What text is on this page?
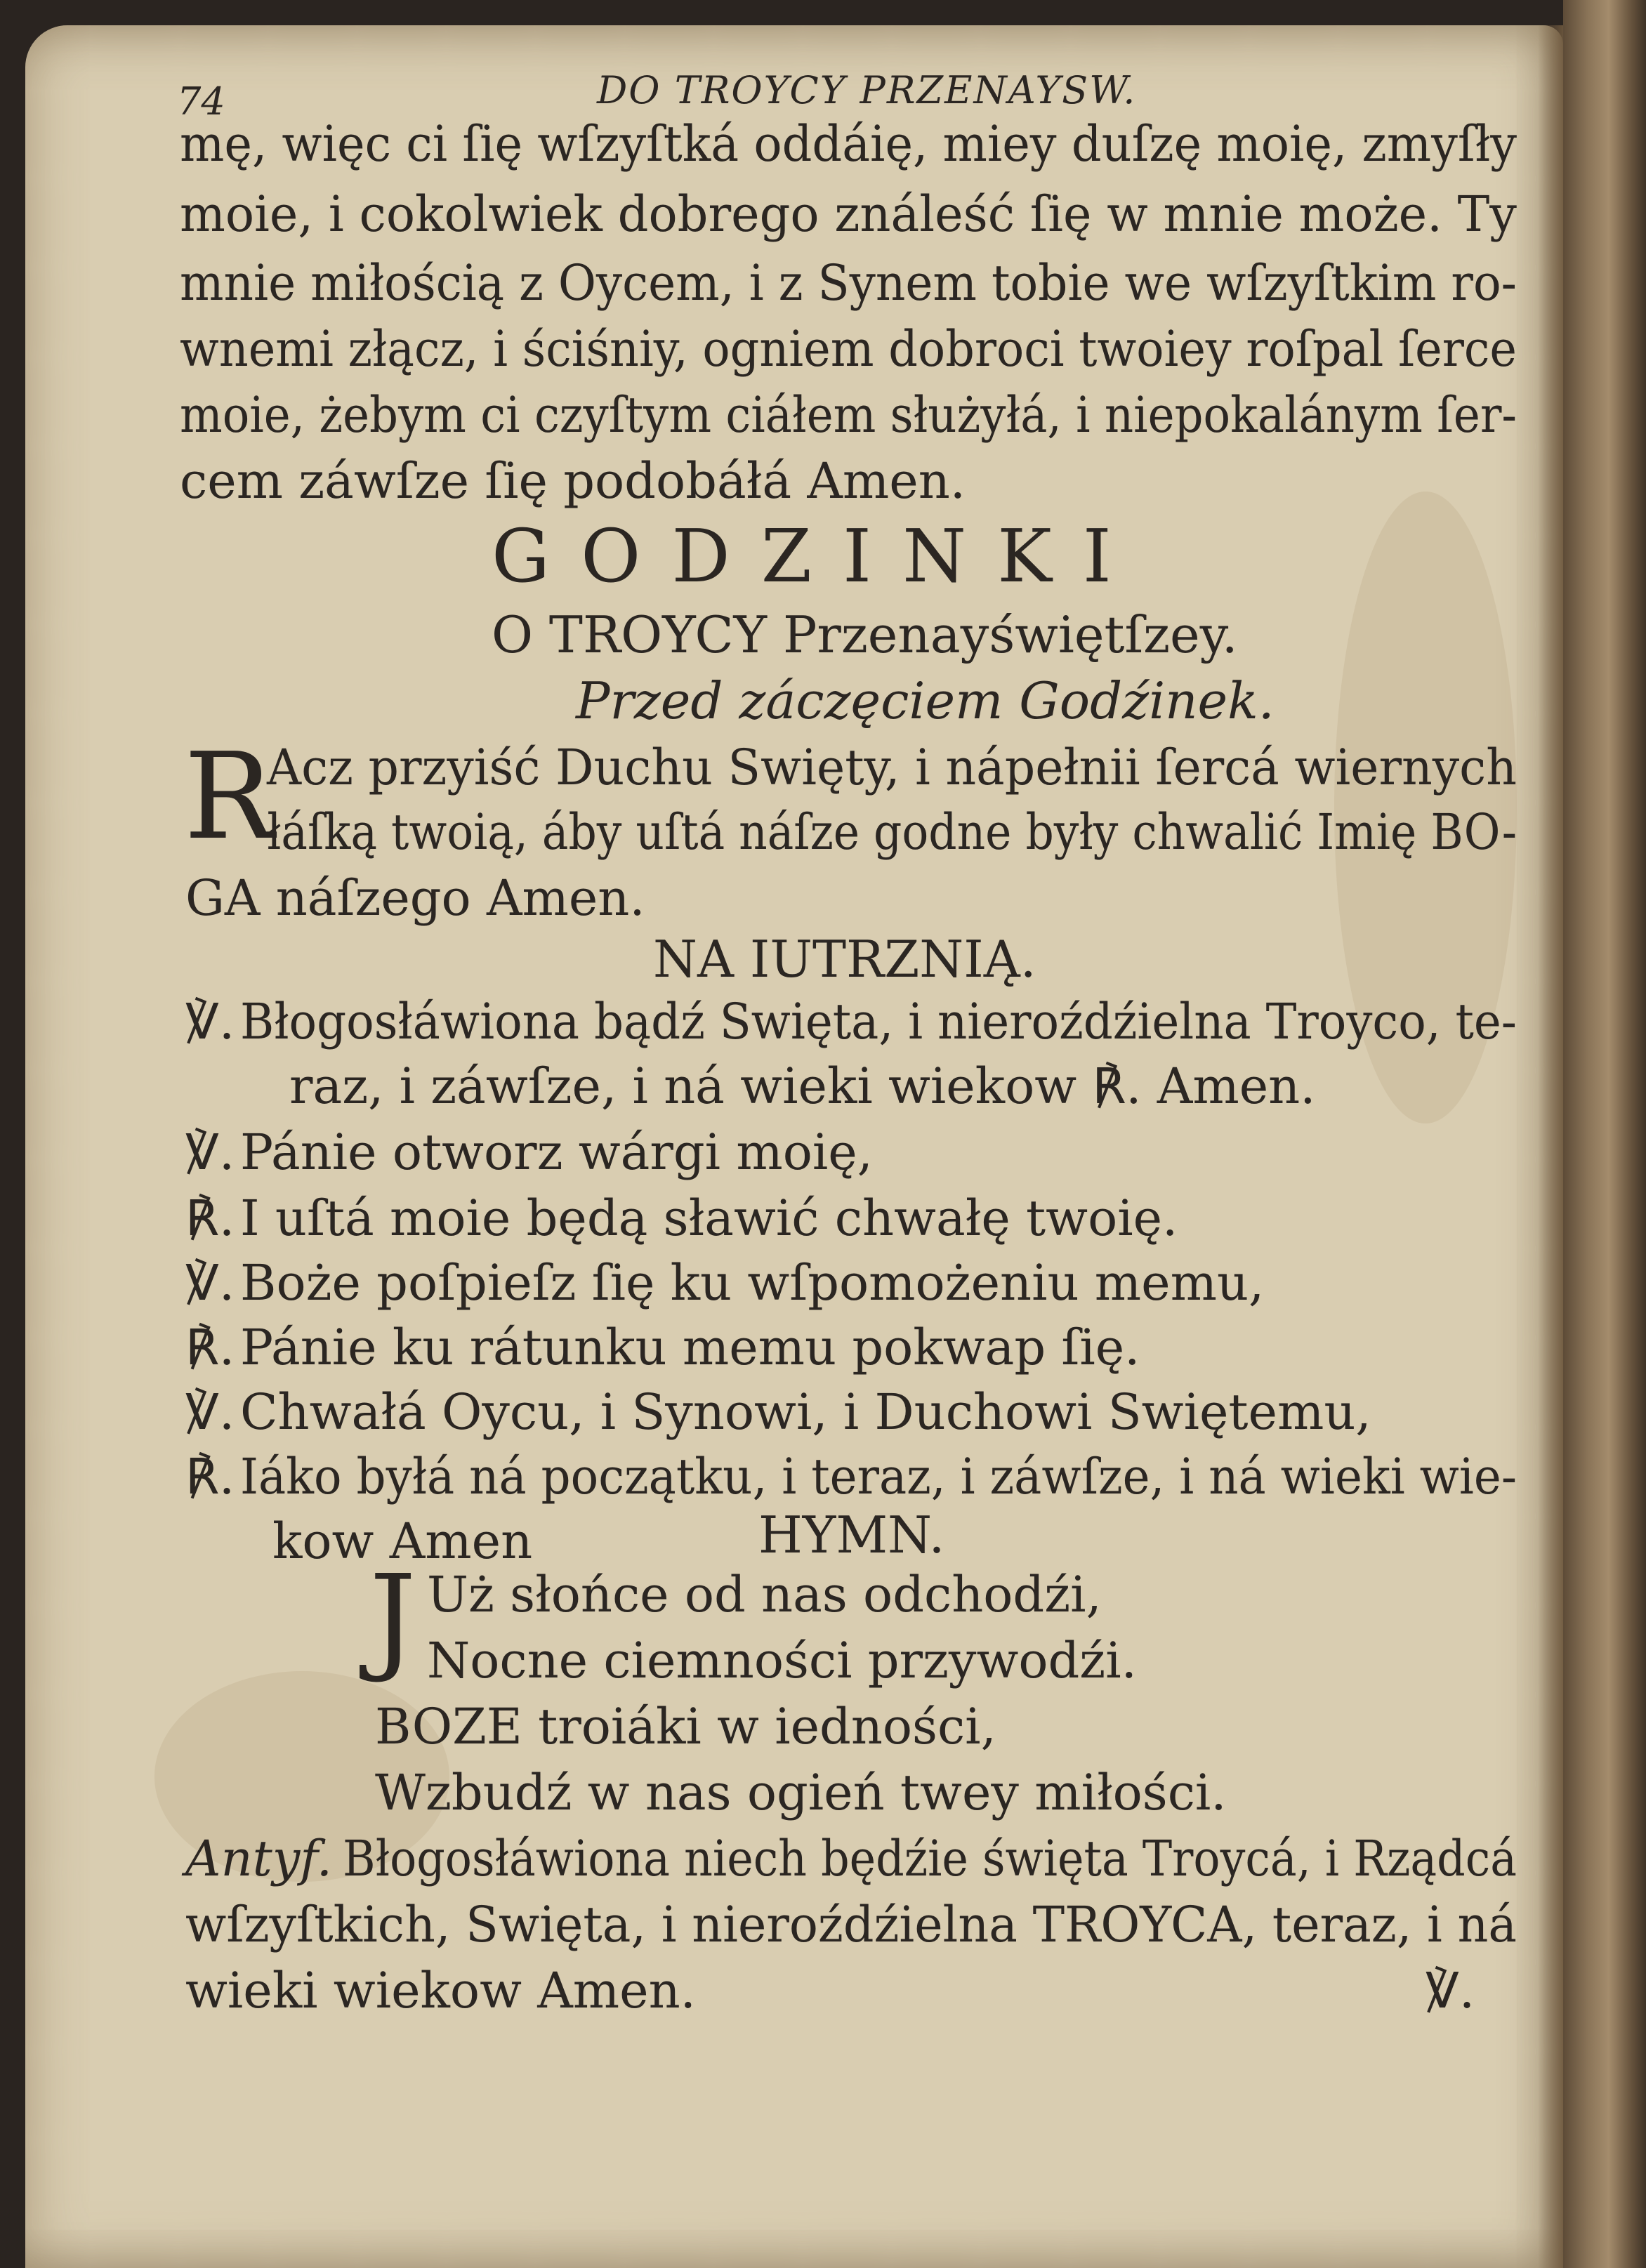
74	DO TROYCY PRZENAYSW.
mę, więc ci ſię wſzyſtká oddáię, miey duſzę moię, zmyſły
moie, i cokolwiek dobrego ználeść ſię w mnie może. Ty
mnie miłością z Oycem, i z Synem tobie we wſzyſtkim ro-
wnemi złącz, i ściśniy, ogniem dobroci twoiey roſpal ſerce
moie, żebym ci czyſtym ciáłem służyłá, i niepokalánym ſer-
cem záwſze ſię podobáłá Amen.
GODZINKI
O TROYCY Przenayświętſzey.
Przed záczęciem Godźinek.
R
Acz przyiść Duchu Swięty, i nápełnii ſercá wiernych
łáſką twoią, áby uſtá náſze godne były chwalić Imię BO-
GA náſzego Amen.
NA IUTRZNIĄ.
℣. Błogosłáwiona bądź Swięta, i nieroźdźielna Troyco, te-
raz, i záwſze, i ná wieki wiekow ℟. Amen.
℣. Pánie otworz wárgi moię,
℟. I uſtá moie będą sławić chwałę twoię.
℣. Boże poſpieſz ſię ku wſpomożeniu memu,
℟. Pánie ku rátunku memu pokwap ſię.
℣. Chwałá Oycu, i Synowi, i Duchowi Swiętemu,
℟. Iáko byłá ná początku, i teraz, i záwſze, i ná wieki wie-
kow Amen	HYMN.
J Uż słońce od nas odchodźi,
Nocne ciemności przywodźi.
BOZE troiáki w iedności,
Wzbudź w nas ogień twey miłości.
Antyf. Błogosłáwiona niech będźie święta Troycá, i Rządcá
wſzyſtkich, Swięta, i nieroźdźielna TROYCA, teraz, i ná
wieki wiekow Amen.	℣.
